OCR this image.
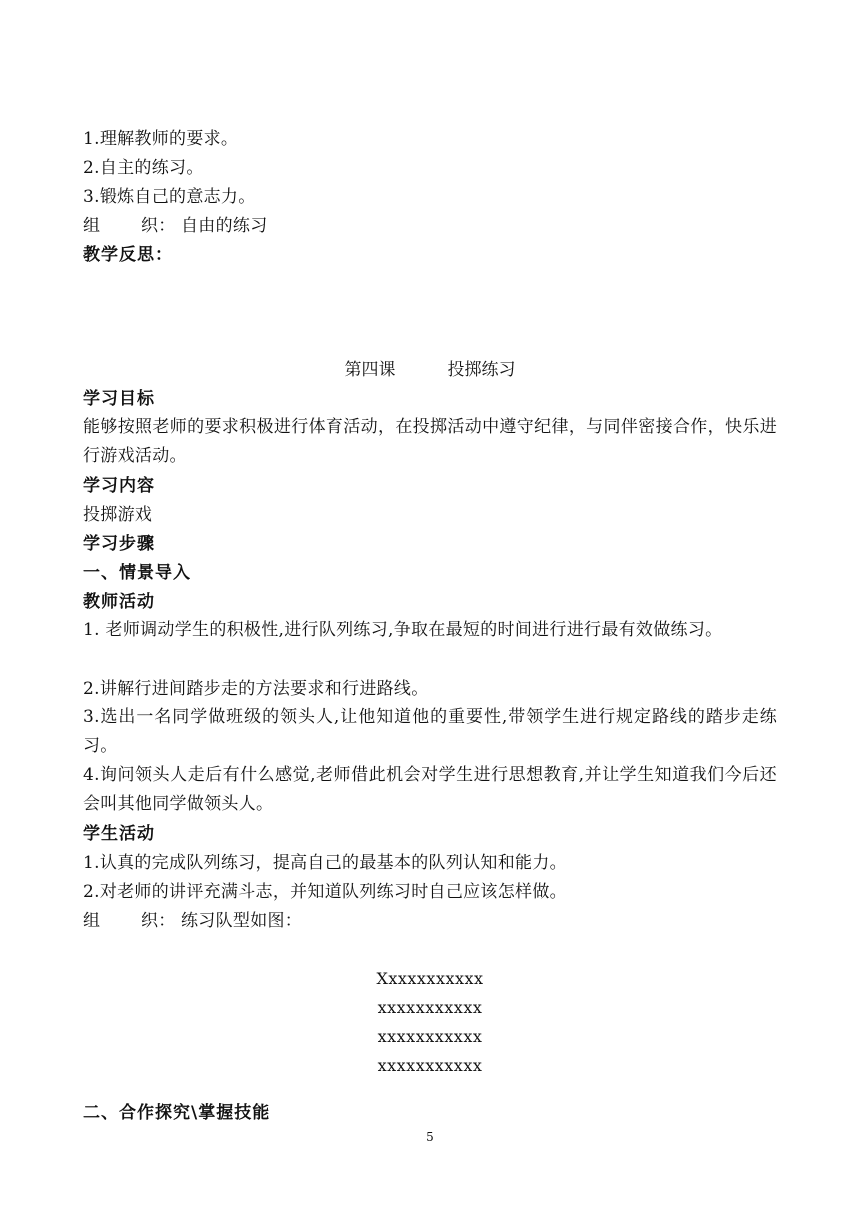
1.理解教师的要求。
2.自主的练习。
3.锻炼自己的意志力。
组 织： 自由的练习
教学反思：
第四课	投掷练习
学习目标
能够按照老师的要求积极进行体育活动，在投掷活动中遵守纪律，与同伴密接合作，快乐进行游戏活动。
学习内容
投掷游戏
学习步骤
一、情景导入
教师活动
1. 老师调动学生的积极性,进行队列练习,争取在最短的时间进行进行最有效做练习。
2.讲解行进间踏步走的方法要求和行进路线。
3.选出一名同学做班级的领头人,让他知道他的重要性,带领学生进行规定路线的踏步走练习。
4.询问领头人走后有什么感觉,老师借此机会对学生进行思想教育,并让学生知道我们今后还会叫其他同学做领头人。
学生活动
1.认真的完成队列练习，提高自己的最基本的队列认知和能力。
2.对老师的讲评充满斗志，并知道队列练习时自己应该怎样做。
组 织： 练习队型如图：
Xxxxxxxxxxx
xxxxxxxxxxx
xxxxxxxxxxx
xxxxxxxxxxx
二、合作探究\掌握技能
5
